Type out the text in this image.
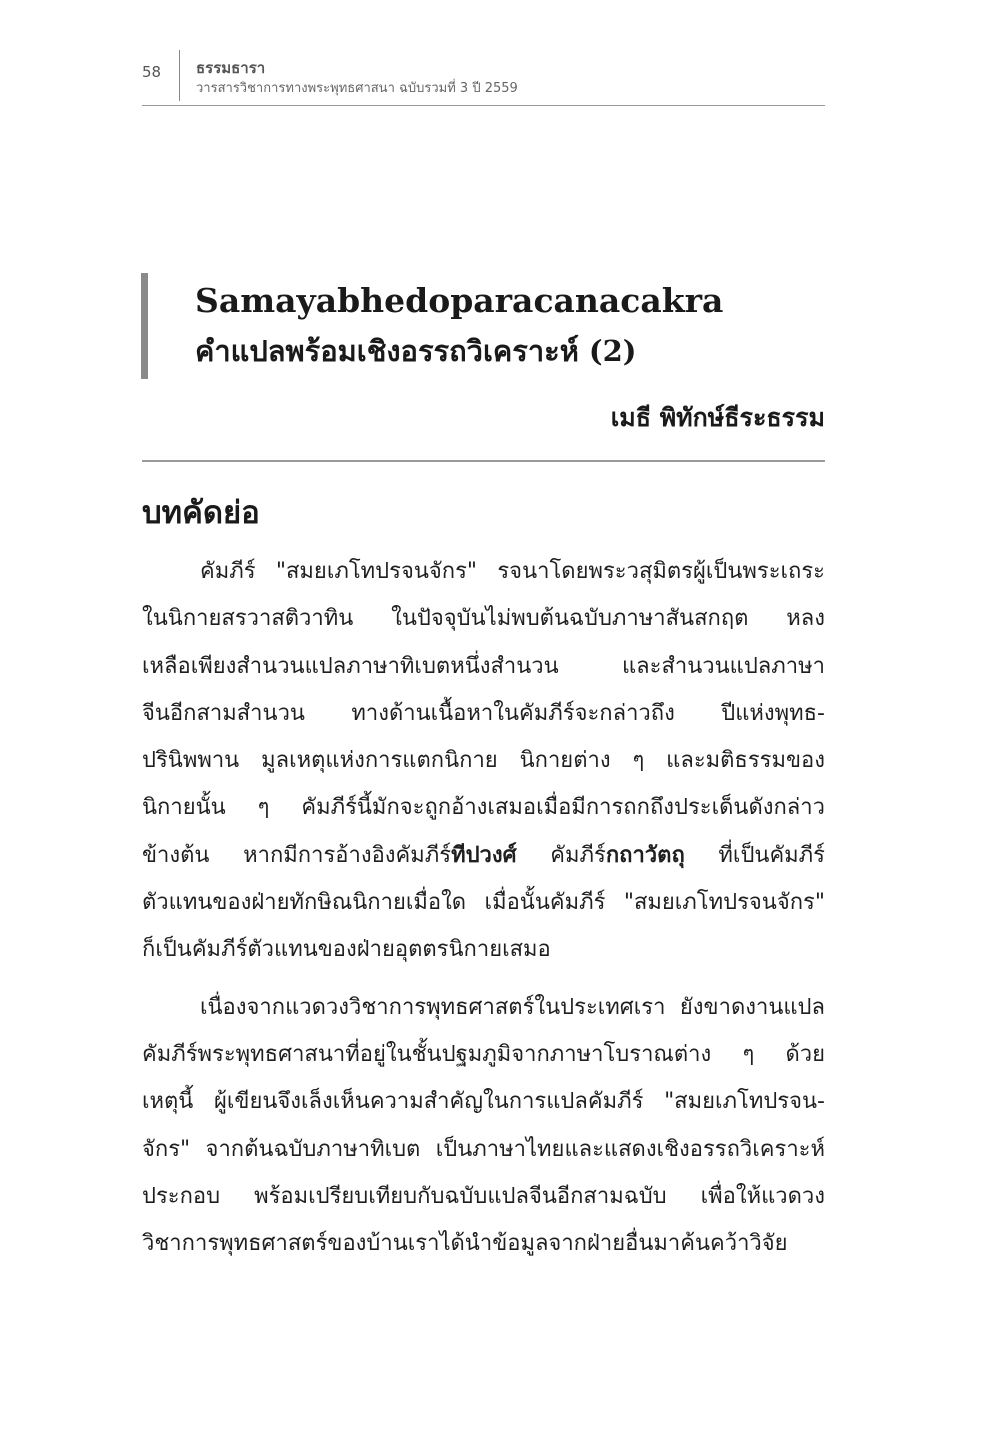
58 ธรรมธารา
วารสารวิชาการทางพระพุทธศาสนา ฉบับรวมที่ 3 ปี 2559
Samayabhedoparacanacakra
คำแปลพร้อมเชิงอรรถวิเคราะห์ (2)
เมธี พิทักษ์ธีระธรรม
บทคัดย่อ
คัมภีร์ "สมยเภโทปรจนจักร" รจนาโดยพระวสุมิตรผู้เป็นพระเถระ
ในนิกายสรวาสติวาทิน ในปัจจุบันไม่พบต้นฉบับภาษาสันสกฤต หลง
เหลือเพียงสำนวนแปลภาษาทิเบตหนึ่งสำนวน และสำนวนแปลภาษา
จีนอีกสามสำนวน ทางด้านเนื้อหาในคัมภีร์จะกล่าวถึง ปีแห่งพุทธ-
ปรินิพพาน มูลเหตุแห่งการแตกนิกาย นิกายต่าง ๆ และมติธรรมของ
นิกายนั้น ๆ คัมภีร์นี้มักจะถูกอ้างเสมอเมื่อมีการถกถึงประเด็นดังกล่าว
ข้างต้น หากมีการอ้างอิงคัมภีร์ทีปวงศ์ คัมภีร์กถาวัตถุ ที่เป็นคัมภีร์
ตัวแทนของฝ่ายทักษิณนิกายเมื่อใด เมื่อนั้นคัมภีร์ "สมยเภโทปรจนจักร"
ก็เป็นคัมภีร์ตัวแทนของฝ่ายอุตตรนิกายเสมอ
เนื่องจากแวดวงวิชาการพุทธศาสตร์ในประเทศเรา ยังขาดงานแปล
คัมภีร์พระพุทธศาสนาที่อยู่ในชั้นปฐมภูมิจากภาษาโบราณต่าง ๆ ด้วย
เหตุนี้ ผู้เขียนจึงเล็งเห็นความสำคัญในการแปลคัมภีร์ "สมยเภโทปรจน-
จักร" จากต้นฉบับภาษาทิเบต เป็นภาษาไทยและแสดงเชิงอรรถวิเคราะห์
ประกอบ พร้อมเปรียบเทียบกับฉบับแปลจีนอีกสามฉบับ เพื่อให้แวดวง
วิชาการพุทธศาสตร์ของบ้านเราได้นำข้อมูลจากฝ่ายอื่นมาค้นคว้าวิจัย
